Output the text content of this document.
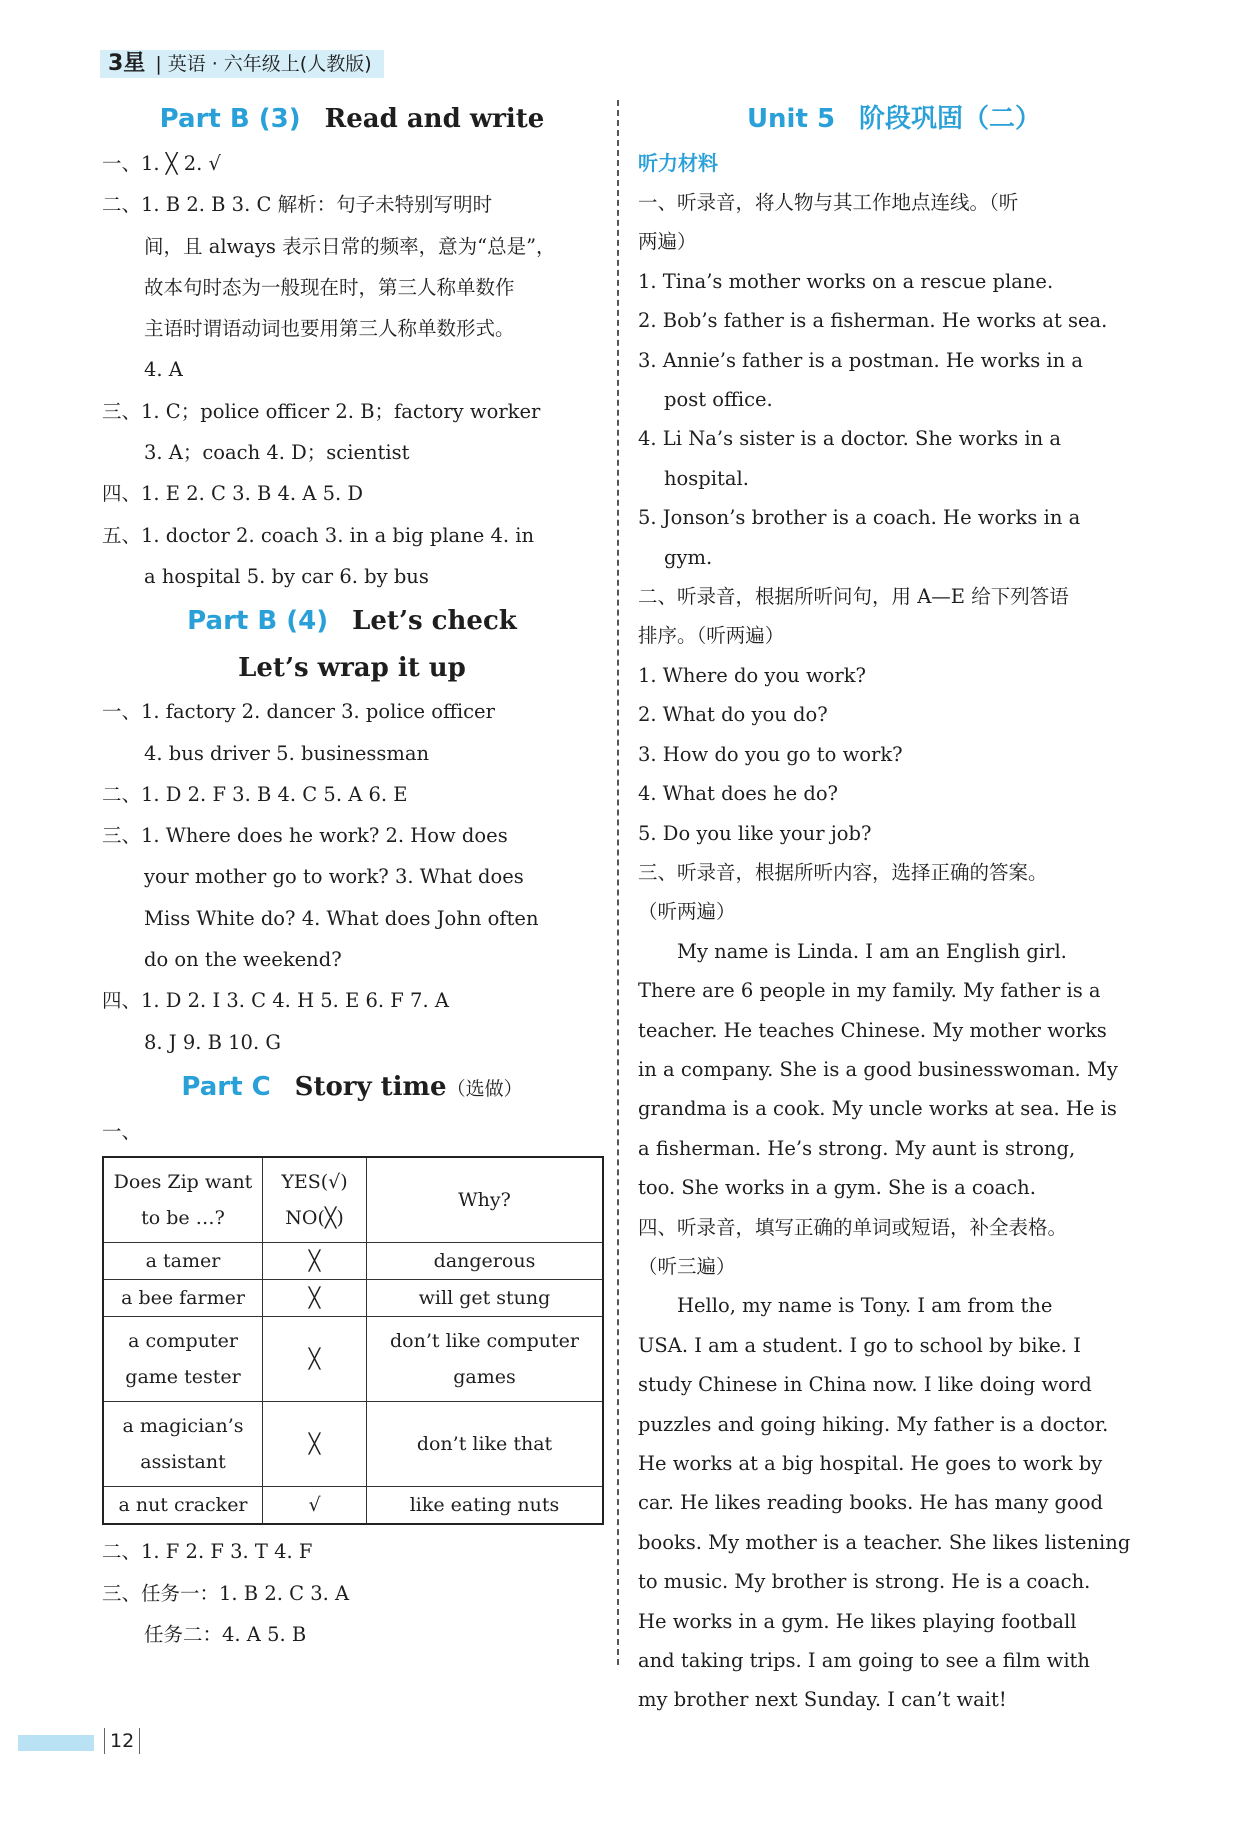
3星 | 英语 · 六年级上(人教版)
Part B (3) Read and write
一、1. ╳ 2. √
二、1. B 2. B 3. C 解析：句子未特别写明时
间，且 always 表示日常的频率，意为“总是”，
故本句时态为一般现在时，第三人称单数作
主语时谓语动词也要用第三人称单数形式。
4. A
三、1. C；police officer 2. B；factory worker
3. A；coach 4. D；scientist
四、1. E 2. C 3. B 4. A 5. D
五、1. doctor 2. coach 3. in a big plane 4. in
a hospital 5. by car 6. by bus
Part B (4) Let’s check
Let’s wrap it up
一、1. factory 2. dancer 3. police officer
4. bus driver 5. businessman
二、1. D 2. F 3. B 4. C 5. A 6. E
三、1. Where does he work? 2. How does
your mother go to work? 3. What does
Miss White do? 4. What does John often
do on the weekend?
四、1. D 2. I 3. C 4. H 5. E 6. F 7. A
8. J 9. B 10. G
Part C Story time（选做）
一、
Does Zip want to be …?	YES(√) NO(╳)	Why?
a tamer	╳	dangerous
a bee farmer	╳	will get stung
a computer game tester	╳	don’t like computer games
a magician’s assistant	╳	don’t like that
a nut cracker	√	like eating nuts
二、1. F 2. F 3. T 4. F
三、任务一：1. B 2. C 3. A
任务二：4. A 5. B
Unit 5 阶段巩固（二）
听力材料
一、听录音，将人物与其工作地点连线。（听
两遍）
1. Tina’s mother works on a rescue plane.
2. Bob’s father is a fisherman. He works at sea.
3. Annie’s father is a postman. He works in a
post office.
4. Li Na’s sister is a doctor. She works in a
hospital.
5. Jonson’s brother is a coach. He works in a
gym.
二、听录音，根据所听问句，用 A—E 给下列答语
排序。（听两遍）
1. Where do you work?
2. What do you do?
3. How do you go to work?
4. What does he do?
5. Do you like your job?
三、听录音，根据所听内容，选择正确的答案。
（听两遍）
My name is Linda. I am an English girl.
There are 6 people in my family. My father is a
teacher. He teaches Chinese. My mother works
in a company. She is a good businesswoman. My
grandma is a cook. My uncle works at sea. He is
a fisherman. He’s strong. My aunt is strong,
too. She works in a gym. She is a coach.
四、听录音，填写正确的单词或短语，补全表格。
（听三遍）
Hello, my name is Tony. I am from the
USA. I am a student. I go to school by bike. I
study Chinese in China now. I like doing word
puzzles and going hiking. My father is a doctor.
He works at a big hospital. He goes to work by
car. He likes reading books. He has many good
books. My mother is a teacher. She likes listening
to music. My brother is strong. He is a coach.
He works in a gym. He likes playing football
and taking trips. I am going to see a film with
my brother next Sunday. I can’t wait!
12
